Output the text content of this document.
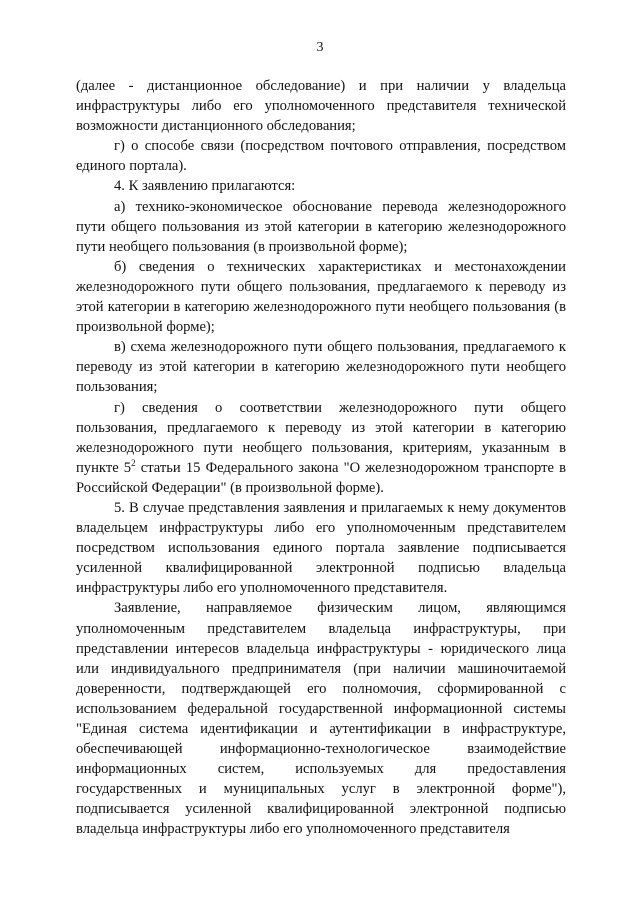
3

(далее - дистанционное обследование) и при наличии у владельца инфраструктуры либо его уполномоченного представителя технической возможности дистанционного обследования;

г) о способе связи (посредством почтового отправления, посредством единого портала).

4. К заявлению прилагаются:

а) технико-экономическое обоснование перевода железнодорожного пути общего пользования из этой категории в категорию железнодорожного пути необщего пользования (в произвольной форме);

б) сведения о технических характеристиках и местонахождении железнодорожного пути общего пользования, предлагаемого к переводу из этой категории в категорию железнодорожного пути необщего пользования (в произвольной форме);

в) схема железнодорожного пути общего пользования, предлагаемого к переводу из этой категории в категорию железнодорожного пути необщего пользования;

г) сведения о соответствии железнодорожного пути общего пользования, предлагаемого к переводу из этой категории в категорию железнодорожного пути необщего пользования, критериям, указанным в пункте $5^2$ статьи 15 Федерального закона "О железнодорожном транспорте в Российской Федерации" (в произвольной форме).

5. В случае представления заявления и прилагаемых к нему документов владельцем инфраструктуры либо его уполномоченным представителем посредством использования единого портала заявление подписывается усиленной квалифицированной электронной подписью владельца инфраструктуры либо его уполномоченного представителя.

Заявление, направляемое физическим лицом, являющимся уполномоченным представителем владельца инфраструктуры, при представлении интересов владельца инфраструктуры - юридического лица или индивидуального предпринимателя (при наличии машиночитаемой доверенности, подтверждающей его полномочия, сформированной с использованием федеральной государственной информационной системы "Единая система идентификации и аутентификации в инфраструктуре, обеспечивающей информационно-технологическое взаимодействие информационных систем, используемых для предоставления государственных и муниципальных услуг в электронной форме"), подписывается усиленной квалифицированной электронной подписью владельца инфраструктуры либо его уполномоченного представителя
